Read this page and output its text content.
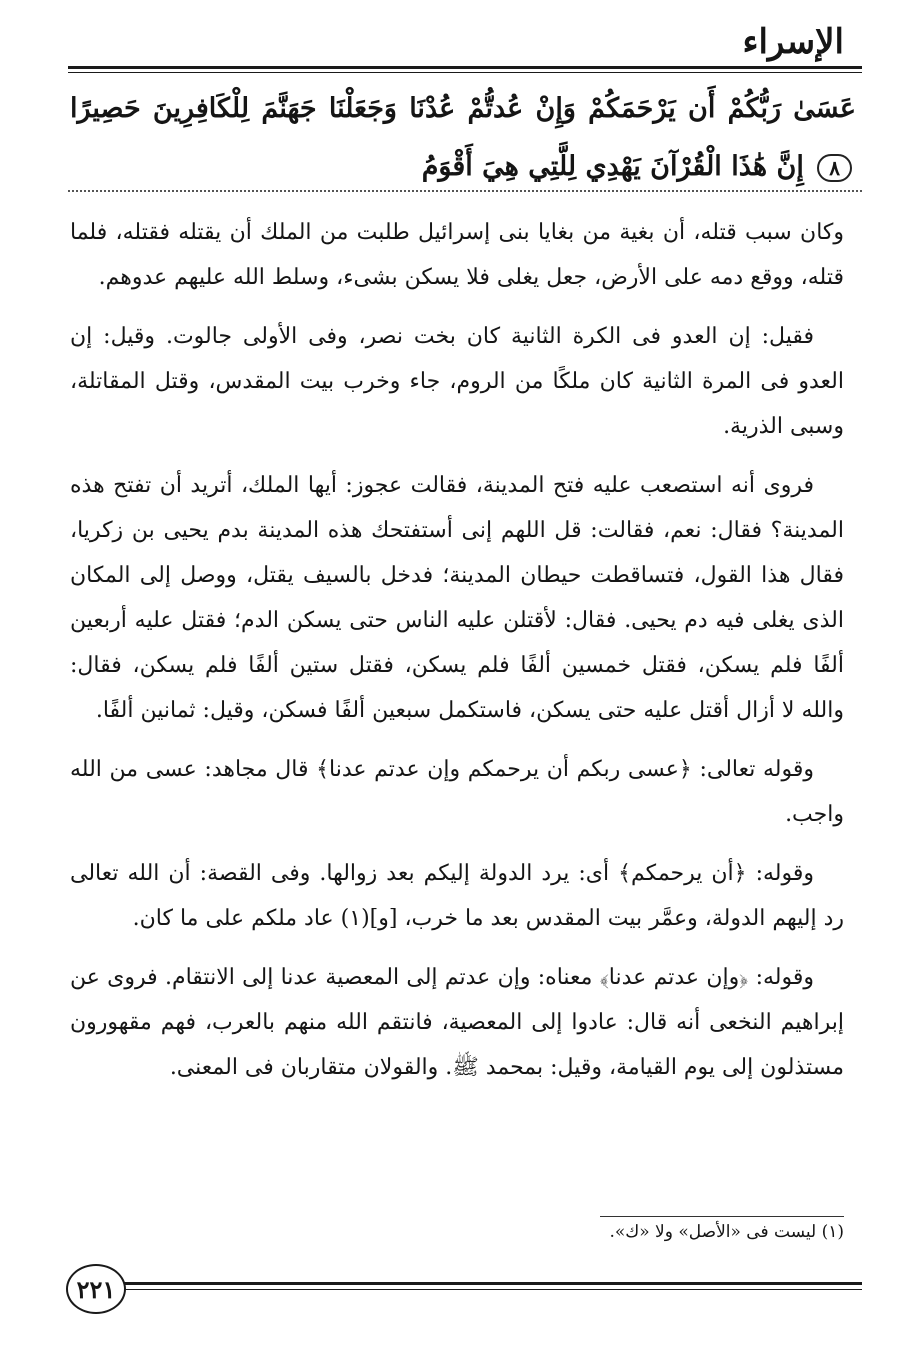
الإسراء
عَسَىٰ رَبُّكُمْ أَن يَرْحَمَكُمْ وَإِنْ عُدتُّمْ عُدْنَا وَجَعَلْنَا جَهَنَّمَ لِلْكَافِرِينَ حَصِيرًا ٨ إِنَّ هَٰذَا الْقُرْآنَ يَهْدِي لِلَّتِي هِيَ أَقْوَمُ

وكان سبب قتله، أن بغية من بغايا بنى إسرائيل طلبت من الملك أن يقتله فقتله، فلما قتله، ووقع دمه على الأرض، جعل يغلى فلا يسكن بشىء، وسلط الله عليهم عدوهم.

فقيل: إن العدو فى الكرة الثانية كان بخت نصر، وفى الأولى جالوت. وقيل: إن العدو فى المرة الثانية كان ملكًا من الروم، جاء وخرب بيت المقدس، وقتل المقاتلة، وسبى الذرية.

فروى أنه استصعب عليه فتح المدينة، فقالت عجوز: أيها الملك، أتريد أن تفتح هذه المدينة؟ فقال: نعم، فقالت: قل اللهم إنى أستفتحك هذه المدينة بدم يحيى بن زكريا، فقال هذا القول، فتساقطت حيطان المدينة؛ فدخل بالسيف يقتل، ووصل إلى المكان الذى يغلى فيه دم يحيى. فقال: لأقتلن عليه الناس حتى يسكن الدم؛ فقتل عليه أربعين ألفًا فلم يسكن، فقتل خمسين ألفًا فلم يسكن، فقتل ستين ألفًا فلم يسكن، فقال: والله لا أزال أقتل عليه حتى يسكن، فاستكمل سبعين ألفًا فسكن، وقيل: ثمانين ألفًا.

وقوله تعالى: ﴿عسى ربكم أن يرحمكم وإن عدتم عدنا﴾ قال مجاهد: عسى من الله واجب.

وقوله: ﴿أن يرحمكم﴾ أى: يرد الدولة إليكم بعد زوالها. وفى القصة: أن الله تعالى رد إليهم الدولة، وعمَّر بيت المقدس بعد ما خرب، [و](١) عاد ملكم على ما كان.

وقوله: ﴿وإن عدتم عدنا﴾ معناه: وإن عدتم إلى المعصية عدنا إلى الانتقام. فروى عن إبراهيم النخعى أنه قال: عادوا إلى المعصية، فانتقم الله منهم بالعرب، فهم مقهورون مستذلون إلى يوم القيامة، وقيل: بمحمد ﷺ. والقولان متقاربان فى المعنى.

(١) ليست فى «الأصل» ولا «ك».
٢٢١
